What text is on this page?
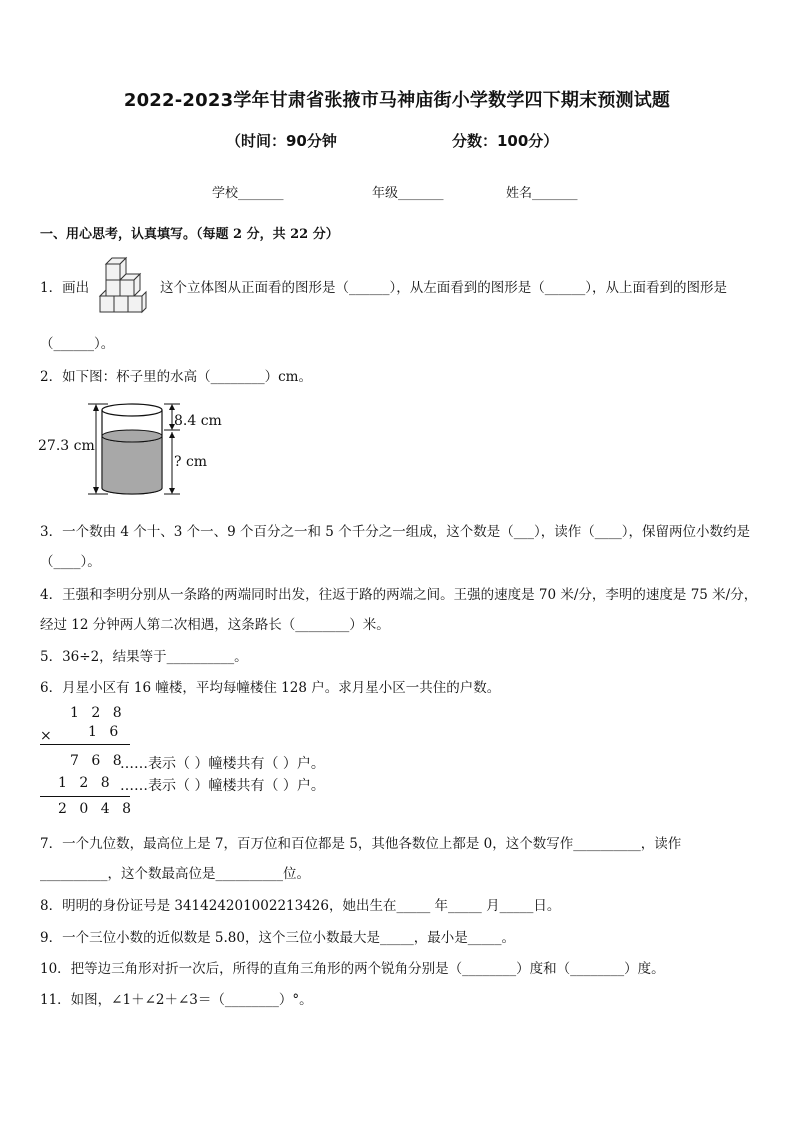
2022-2023学年甘肃省张掖市马神庙街小学数学四下期末预测试题
（时间：90分钟	分数：100分）
学校_______	年级_______	姓名_______
一、用心思考，认真填写。（每题 2 分，共 22 分）
1．画出	这个立体图从正面看的图形是（______），从左面看到的图形是（______），从上面看到的图形是
（______）。
2．如下图：杯子里的水高（________）cm。
27.3 cm
8.4 cm
? cm
3．一个数由 4 个十、3 个一、9 个百分之一和 5 个千分之一组成，这个数是（___），读作（____），保留两位小数约是
（____）。
4．王强和李明分别从一条路的两端同时出发，往返于路的两端之间。王强的速度是 70 米/分，李明的速度是 75 米/分，
经过 12 分钟两人第二次相遇，这条路长（________）米。
5．36÷2，结果等于__________。
6．月星小区有 16 幢楼，平均每幢楼住 128 户。求月星小区一共住的户数。
1 2 8
× 1 6
7 6 8
……表示（ ）幢楼共有（ ）户。
1 2 8 ……表示（ ）幢楼共有（ ）户。
2 0 4 8
7．一个九位数，最高位上是 7，百万位和百位都是 5，其他各数位上都是 0，这个数写作__________，读作
__________，这个数最高位是__________位。
8．明明的身份证号是 341424201002213426，她出生在_____ 年_____ 月_____日。
9．一个三位小数的近似数是 5.80，这个三位小数最大是_____，最小是_____。
10．把等边三角形对折一次后，所得的直角三角形的两个锐角分别是（________）度和（________）度。
11．如图，∠1＋∠2＋∠3＝（________）°。
